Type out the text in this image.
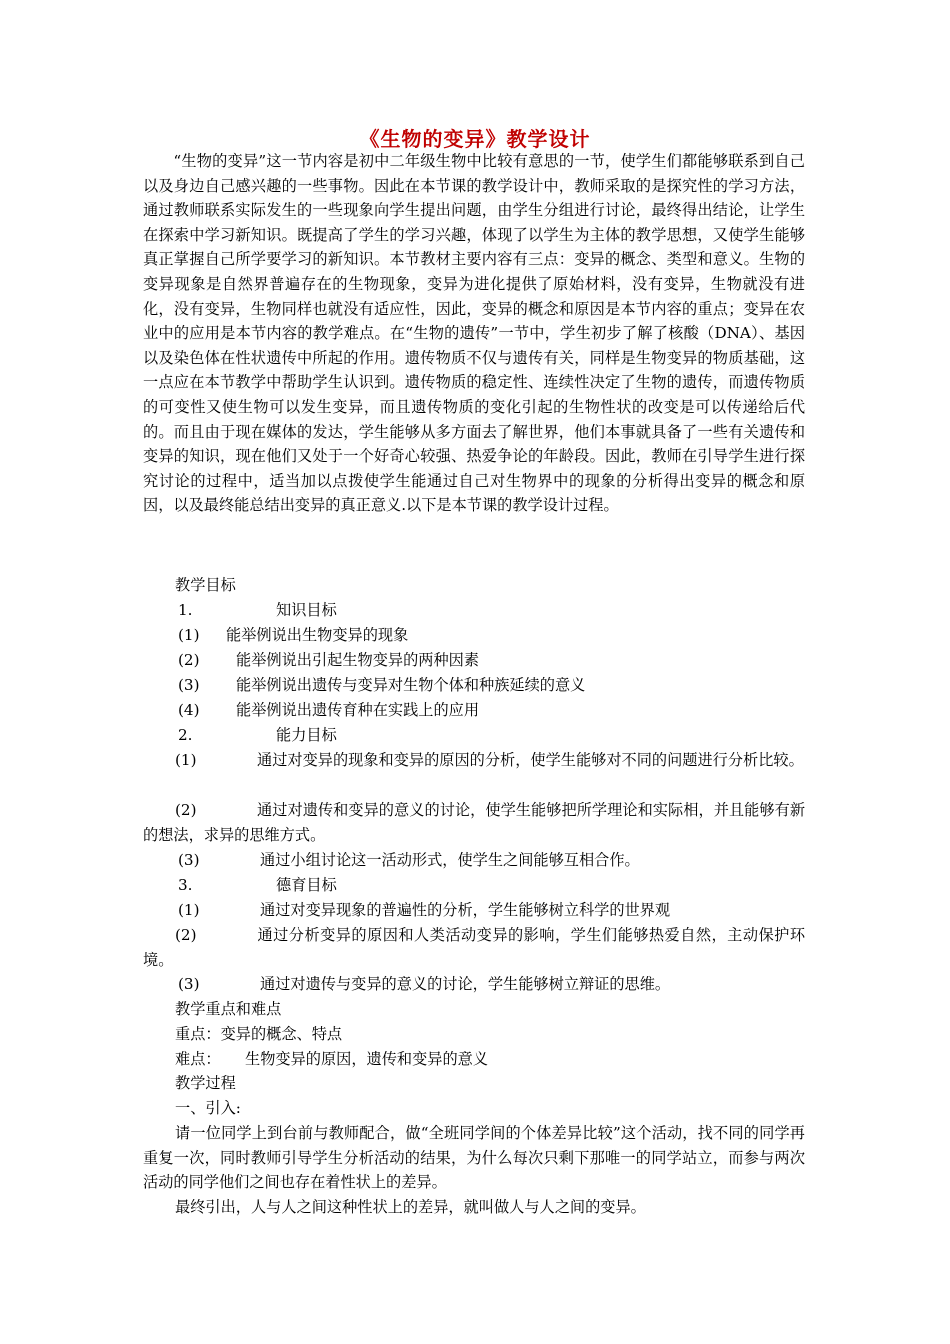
《生物的变异》教学设计

“生物的变异”这一节内容是初中二年级生物中比较有意思的一节，使学生们都能够联系到自己以及身边自己感兴趣的一些事物。因此在本节课的教学设计中，教师采取的是探究性的学习方法，通过教师联系实际发生的一些现象向学生提出问题，由学生分组进行讨论，最终得出结论，让学生在探索中学习新知识。既提高了学生的学习兴趣，体现了以学生为主体的教学思想，又使学生能够真正掌握自己所学要学习的新知识。本节教材主要内容有三点：变异的概念、类型和意义。生物的变异现象是自然界普遍存在的生物现象，变异为进化提供了原始材料，没有变异，生物就没有进化，没有变异，生物同样也就没有适应性，因此，变异的概念和原因是本节内容的重点；变异在农业中的应用是本节内容的教学难点。在“生物的遗传”一节中，学生初步了解了核酸（DNA）、基因以及染色体在性状遗传中所起的作用。遗传物质不仅与遗传有关，同样是生物变异的物质基础，这一点应在本节教学中帮助学生认识到。遗传物质的稳定性、连续性决定了生物的遗传，而遗传物质的可变性又使生物可以发生变异，而且遗传物质的变化引起的生物性状的改变是可以传递给后代的。而且由于现在媒体的发达，学生能够从多方面去了解世界，他们本事就具备了一些有关遗传和变异的知识，现在他们又处于一个好奇心较强、热爱争论的年龄段。因此，教师在引导学生进行探究讨论的过程中，适当加以点拨使学生能通过自己对生物界中的现象的分析得出变异的概念和原因，以及最终能总结出变异的真正意义.以下是本节课的教学设计过程。

教学目标
1.	知识目标
(1) 能举例说出生物变异的现象
(2) 能举例说出引起生物变异的两种因素
(3) 能举例说出遗传与变异对生物个体和种族延续的意义
(4) 能举例说出遗传育种在实践上的应用
2.	能力目标
(1)	通过对变异的现象和变异的原因的分析，使学生能够对不同的问题进行分析比较。
(2)	通过对遗传和变异的意义的讨论，使学生能够把所学理论和实际相，并且能够有新的想法，求异的思维方式。
(3)	通过小组讨论这一活动形式，使学生之间能够互相合作。
3.	德育目标
(1)	通过对变异现象的普遍性的分析，学生能够树立科学的世界观
(2)	通过分析变异的原因和人类活动变异的影响，学生们能够热爱自然，主动保护环境。
(3)	通过对遗传与变异的意义的讨论，学生能够树立辩证的思维。
教学重点和难点
重点：变异的概念、特点
难点： 生物变异的原因，遗传和变异的意义
教学过程
一、引入:
请一位同学上到台前与教师配合，做“全班同学间的个体差异比较”这个活动，找不同的同学再重复一次，同时教师引导学生分析活动的结果，为什么每次只剩下那唯一的同学站立，而参与两次活动的同学他们之间也存在着性状上的差异。
最终引出，人与人之间这种性状上的差异，就叫做人与人之间的变异。
